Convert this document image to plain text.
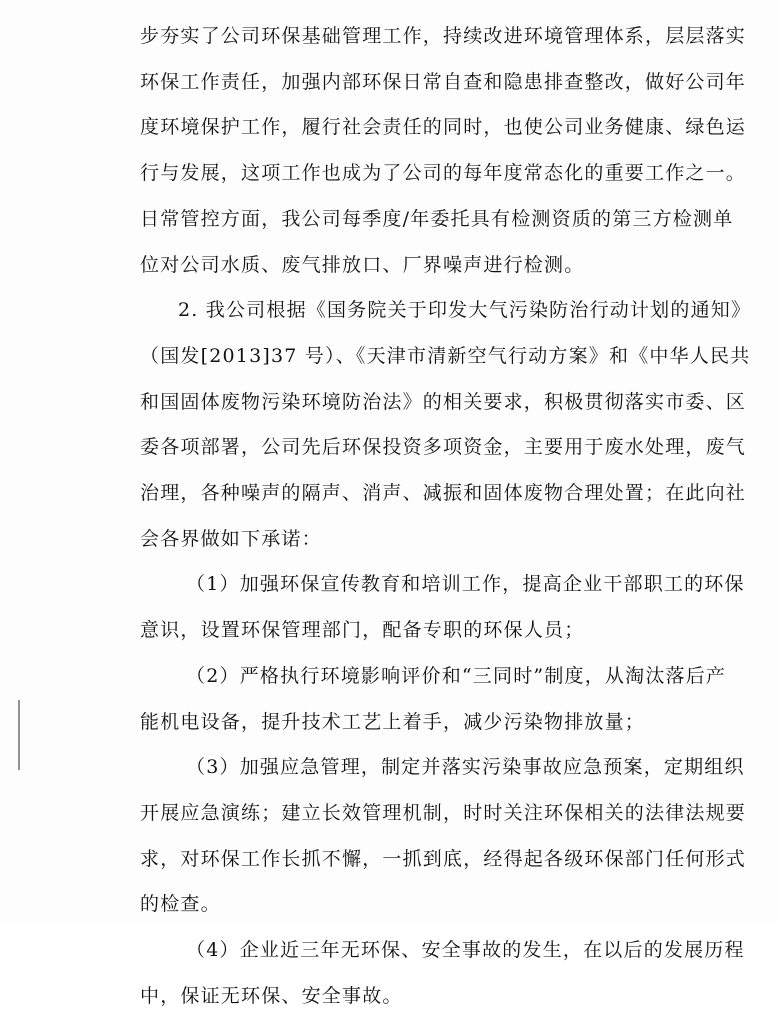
步夯实了公司环保基础管理工作，持续改进环境管理体系，层层落实
环保工作责任，加强内部环保日常自查和隐患排查整改，做好公司年
度环境保护工作，履行社会责任的同时，也使公司业务健康、绿色运
行与发展，这项工作也成为了公司的每年度常态化的重要工作之一。
日常管控方面，我公司每季度/年委托具有检测资质的第三方检测单
位对公司水质、废气排放口、厂界噪声进行检测。
2. 我公司根据《国务院关于印发大气污染防治行动计划的通知》
（国发[2013]37 号）、《天津市清新空气行动方案》和《中华人民共
和国固体废物污染环境防治法》的相关要求，积极贯彻落实市委、区
委各项部署，公司先后环保投资多项资金，主要用于废水处理，废气
治理，各种噪声的隔声、消声、减振和固体废物合理处置；在此向社
会各界做如下承诺：
（1）加强环保宣传教育和培训工作，提高企业干部职工的环保
意识，设置环保管理部门，配备专职的环保人员；
（2）严格执行环境影响评价和“三同时”制度，从淘汰落后产
能机电设备，提升技术工艺上着手，减少污染物排放量；
（3）加强应急管理，制定并落实污染事故应急预案，定期组织
开展应急演练；建立长效管理机制，时时关注环保相关的法律法规要
求，对环保工作长抓不懈，一抓到底，经得起各级环保部门任何形式
的检查。
（4）企业近三年无环保、安全事故的发生，在以后的发展历程
中，保证无环保、安全事故。
